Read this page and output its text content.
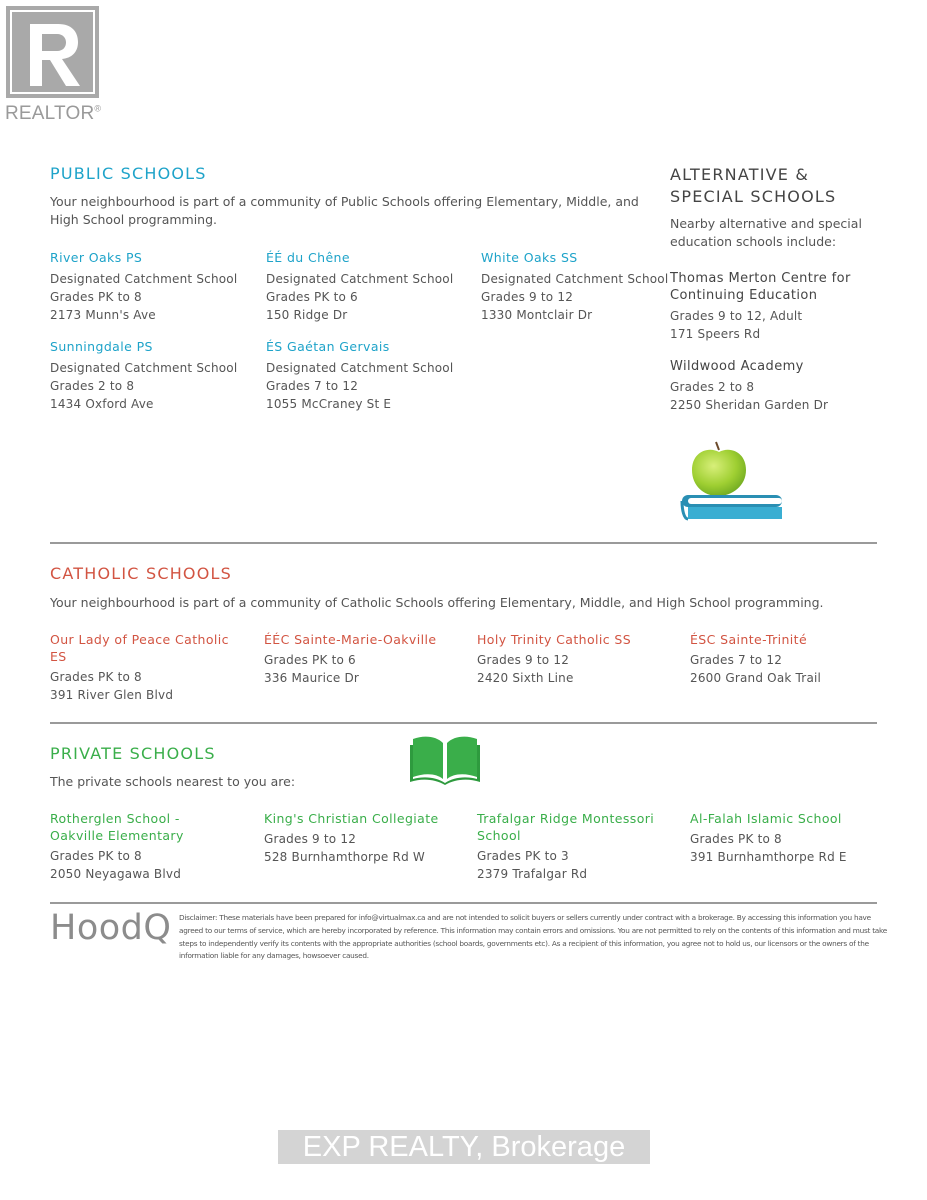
REALTOR®
PUBLIC SCHOOLS
Your neighbourhood is part of a community of Public Schools offering Elementary, Middle, and High School programming.
River Oaks PS
Designated Catchment School
Grades PK to 8
2173 Munn's Ave
ÉÉ du Chêne
Designated Catchment School
Grades PK to 6
150 Ridge Dr
White Oaks SS
Designated Catchment School
Grades 9 to 12
1330 Montclair Dr
Sunningdale PS
Designated Catchment School
Grades 2 to 8
1434 Oxford Ave
ÉS Gaétan Gervais
Designated Catchment School
Grades 7 to 12
1055 McCraney St E
ALTERNATIVE &
SPECIAL SCHOOLS
Nearby alternative and special education schools include:
Thomas Merton Centre for
Continuing Education
Grades 9 to 12, Adult
171 Speers Rd
Wildwood Academy
Grades 2 to 8
2250 Sheridan Garden Dr
CATHOLIC SCHOOLS
Your neighbourhood is part of a community of Catholic Schools offering Elementary, Middle, and High School programming.
Our Lady of Peace Catholic
ES
Grades PK to 8
391 River Glen Blvd
ÉÉC Sainte-Marie-Oakville
Grades PK to 6
336 Maurice Dr
Holy Trinity Catholic SS
Grades 9 to 12
2420 Sixth Line
ÉSC Sainte-Trinité
Grades 7 to 12
2600 Grand Oak Trail
PRIVATE SCHOOLS
The private schools nearest to you are:
Rotherglen School -
Oakville Elementary
Grades PK to 8
2050 Neyagawa Blvd
King's Christian Collegiate
Grades 9 to 12
528 Burnhamthorpe Rd W
Trafalgar Ridge Montessori
School
Grades PK to 3
2379 Trafalgar Rd
Al-Falah Islamic School
Grades PK to 8
391 Burnhamthorpe Rd E
HoodQ Disclaimer: These materials have been prepared for info@virtualmax.ca and are not intended to solicit buyers or sellers currently under contract with a brokerage. By accessing this information you have agreed to our terms of service, which are hereby incorporated by reference. This information may contain errors and omissions. You are not permitted to rely on the contents of this information and must take steps to independently verify its contents with the appropriate authorities (school boards, governments etc). As a recipient of this information, you agree not to hold us, our licensors or the owners of the information liable for any damages, howsoever caused.
EXP REALTY, Brokerage
